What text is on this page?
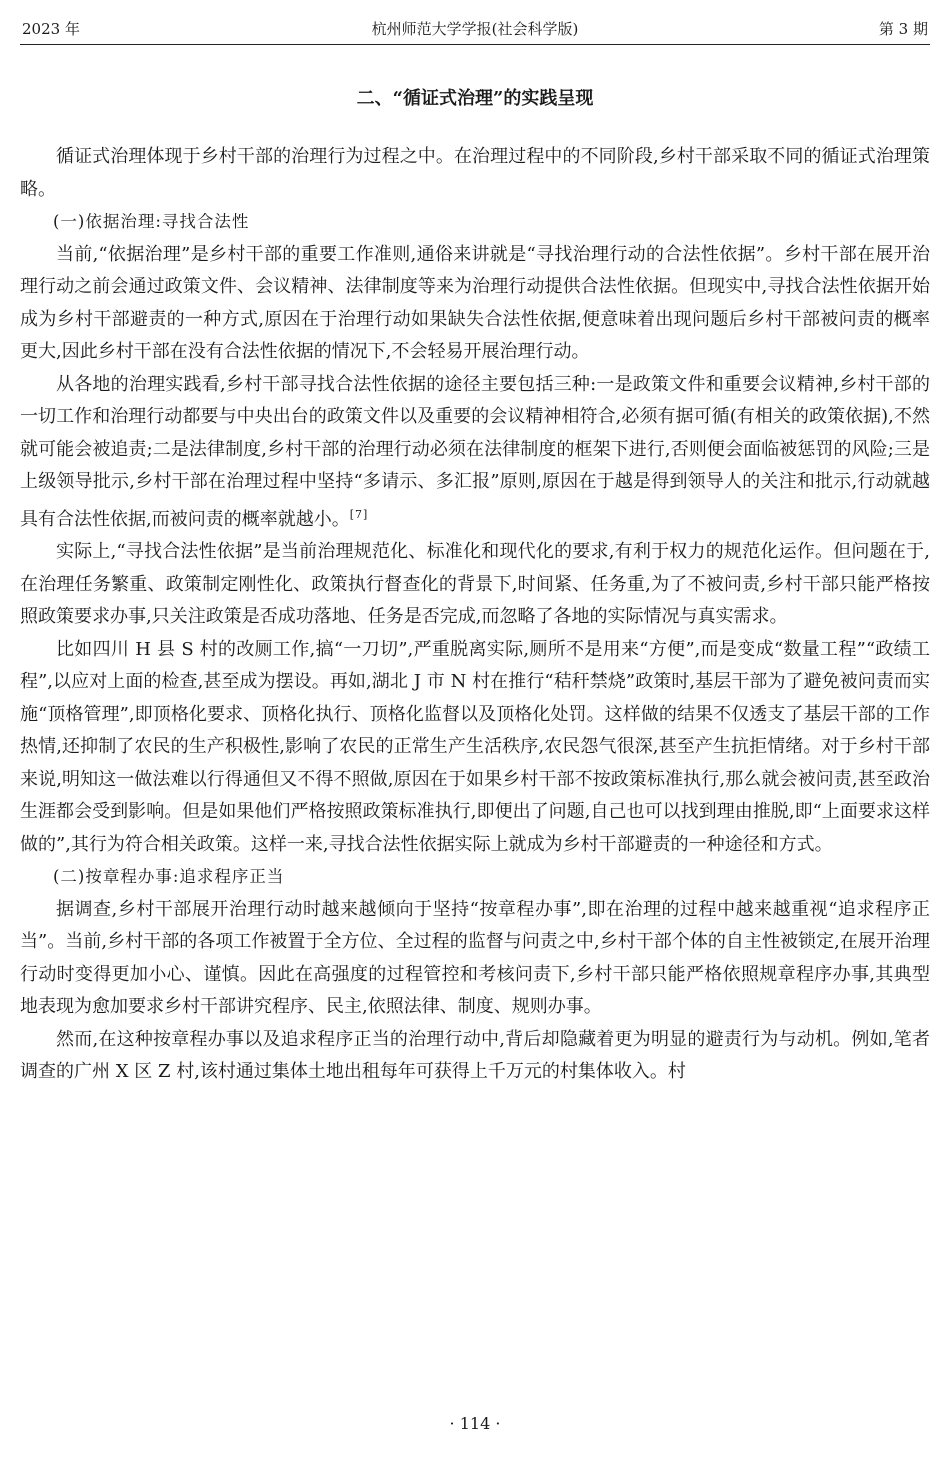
2023 年	杭州师范大学学报(社会科学版)	第 3 期
二、“循证式治理”的实践呈现

循证式治理体现于乡村干部的治理行为过程之中。在治理过程中的不同阶段,乡村干部采取不同的循证式治理策略。

(一)依据治理:寻找合法性

当前,“依据治理”是乡村干部的重要工作准则,通俗来讲就是“寻找治理行动的合法性依据”。乡村干部在展开治理行动之前会通过政策文件、会议精神、法律制度等来为治理行动提供合法性依据。但现实中,寻找合法性依据开始成为乡村干部避责的一种方式,原因在于治理行动如果缺失合法性依据,便意味着出现问题后乡村干部被问责的概率更大,因此乡村干部在没有合法性依据的情况下,不会轻易开展治理行动。

从各地的治理实践看,乡村干部寻找合法性依据的途径主要包括三种:一是政策文件和重要会议精神,乡村干部的一切工作和治理行动都要与中央出台的政策文件以及重要的会议精神相符合,必须有据可循(有相关的政策依据),不然就可能会被追责;二是法律制度,乡村干部的治理行动必须在法律制度的框架下进行,否则便会面临被惩罚的风险;三是上级领导批示,乡村干部在治理过程中坚持“多请示、多汇报”原则,原因在于越是得到领导人的关注和批示,行动就越具有合法性依据,而被问责的概率就越小。[7]

实际上,“寻找合法性依据”是当前治理规范化、标准化和现代化的要求,有利于权力的规范化运作。但问题在于,在治理任务繁重、政策制定刚性化、政策执行督查化的背景下,时间紧、任务重,为了不被问责,乡村干部只能严格按照政策要求办事,只关注政策是否成功落地、任务是否完成,而忽略了各地的实际情况与真实需求。

比如四川 H 县 S 村的改厕工作,搞“一刀切”,严重脱离实际,厕所不是用来“方便”,而是变成“数量工程”“政绩工程”,以应对上面的检查,甚至成为摆设。再如,湖北 J 市 N 村在推行“秸秆禁烧”政策时,基层干部为了避免被问责而实施“顶格管理”,即顶格化要求、顶格化执行、顶格化监督以及顶格化处罚。这样做的结果不仅透支了基层干部的工作热情,还抑制了农民的生产积极性,影响了农民的正常生产生活秩序,农民怨气很深,甚至产生抗拒情绪。对于乡村干部来说,明知这一做法难以行得通但又不得不照做,原因在于如果乡村干部不按政策标准执行,那么就会被问责,甚至政治生涯都会受到影响。但是如果他们严格按照政策标准执行,即便出了问题,自己也可以找到理由推脱,即“上面要求这样做的”,其行为符合相关政策。这样一来,寻找合法性依据实际上就成为乡村干部避责的一种途径和方式。

(二)按章程办事:追求程序正当

据调查,乡村干部展开治理行动时越来越倾向于坚持“按章程办事”,即在治理的过程中越来越重视“追求程序正当”。当前,乡村干部的各项工作被置于全方位、全过程的监督与问责之中,乡村干部个体的自主性被锁定,在展开治理行动时变得更加小心、谨慎。因此在高强度的过程管控和考核问责下,乡村干部只能严格依照规章程序办事,其典型地表现为愈加要求乡村干部讲究程序、民主,依照法律、制度、规则办事。

然而,在这种按章程办事以及追求程序正当的治理行动中,背后却隐藏着更为明显的避责行为与动机。例如,笔者调查的广州 X 区 Z 村,该村通过集体土地出租每年可获得上千万元的村集体收入。村

· 114 ·
